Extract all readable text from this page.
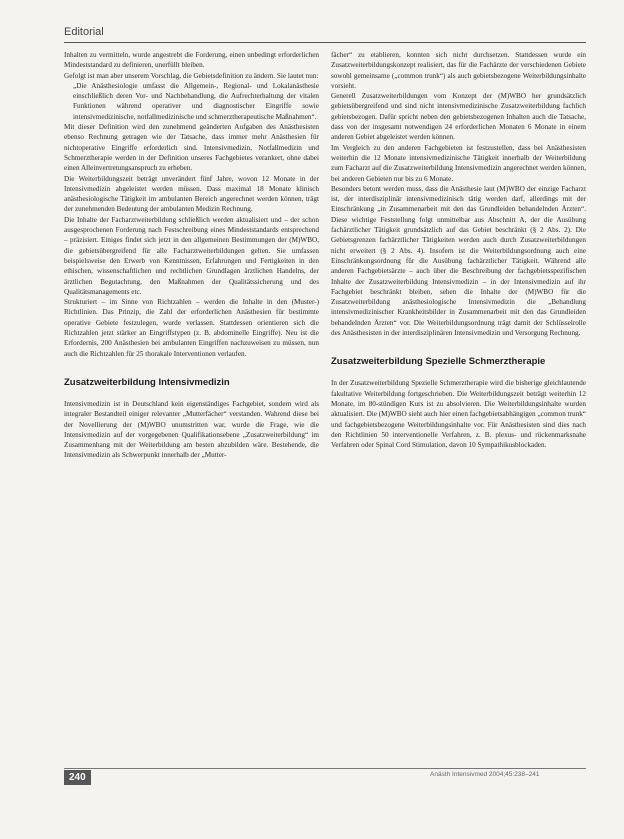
Editorial

Inhalten zu vermitteln, wurde angestrebt die Forderung, einen unbedingt erforderlichen Mindeststandard zu definieren, unerfüllt bleiben.

Gefolgt ist man aber unserem Vorschlag, die Gebietsdefinition zu ändern. Sie lautet nun:

„Die Anästhesiologie umfasst die Allgemein-, Regional- und Lokalanästhesie einschließlich deren Vor- und Nachbehandlung, die Aufrechterhaltung der vitalen Funktionen während operativer und diagnostischer Eingriffe sowie intensivmedizinische, notfallmedizinische und schmerztherapeutische Maßnahmen“.

Mit dieser Definition wird den zunehmend geänderten Aufgaben des Anästhesisten ebenso Rechnung getragen wie der Tatsache, dass immer mehr Anästhesien für nichtoperative Eingriffe erforderlich sind. Intensivmedizin, Notfallmedizin und Schmerztherapie werden in der Definition unseres Fachgebietes verankert, ohne dabei einen Alleinvertretungsanspruch zu erheben.

Die Weiterbildungszeit beträgt unverändert fünf Jahre, wovon 12 Monate in der Intensivmedizin abgeleistet werden müssen. Dass maximal 18 Monate klinisch anästhesiologische Tätigkeit im ambulanten Bereich angerechnet werden können, trägt der zunehmenden Bedeutung der ambulanten Medizin Rechnung.

Die Inhalte der Facharztweiterbildung schließlich werden aktualisiert und – der schon ausgesprochenen Forderung nach Festschreibung eines Mindeststandards entsprechend – präzisiert. Einiges findet sich jetzt in den allgemeinen Bestimmungen der (M)WBO, die gebietsübergreifend für alle Facharztweiterbildungen gelten. Sie umfassen beispielsweise den Erwerb von Kenntnissen, Erfahrungen und Fertigkeiten in den ethischen, wissenschaftlichen und rechtlichen Grundlagen ärztlichen Handelns, der ärztlichen Begutachtung, den Maßnahmen der Qualitätssicherung und des Qualitätsmanagements etc.

Strukturiert – im Sinne von Richtzahlen – werden die Inhalte in den (Muster-) Richtlinien. Das Prinzip, die Zahl der erforderlichen Anästhesien für bestimmte operative Gebiete festzulegen, wurde verlassen. Stattdessen orientieren sich die Richtzahlen jetzt stärker an Eingriffstypen (z. B. abdominelle Eingriffe). Neu ist die Erfordernis, 200 Anästhesien bei ambulanten Eingriffen nachzuweisen zu müssen, nun auch die Richtzahlen für 25 thorakale Interventionen verlaufen.

Zusatzweiterbildung Intensivmedizin

Intensivmedizin ist in Deutschland kein eigenständiges Fachgebiet, sondern wird als integraler Bestandteil einiger relevanter „Mutterfächer“ verstanden. Wahrend diese bei der Novellierung der (M)WBO unumstritten war, wurde die Frage, wie die Intensivmedizin auf der vorgegebenen Qualifikationsebene „Zusatzweiterbildung“ im Zusammenhang mit der Weiterbildung am besten abzubilden wäre. Bestehende, die Intensivmedizin als Schwerpunkt innerhalb der „Mutter-

fächer“ zu etablieren, konnten sich nicht durchsetzen. Stattdessen wurde ein Zusatzweiterbildungskonzept realisiert, das für die Fachärzte der verschiedenen Gebiete sowohl gemeinsame („common trunk“) als auch gebietsbezogene Weiterbildungsinhalte vorsieht.

Generell Zusatzweiterbildungen vom Konzept der (M)WBO her grundsätzlich gebietsübergreifend und sind nicht intensivmedizinische Zusatzweiterbildung fachlich gebietsbezogen. Dafür spricht neben den gebietsbezogenen Inhalten auch die Tatsache, dass von der insgesamt notwendigen 24 erforderlichen Monaten 6 Monate in einem anderen Gebiet abgeleistet werden können.

Im Vergleich zu den anderen Fachgebieten ist festzustellen, dass bei Anästhesisten weiterhin die 12 Monate intensivmedizinische Tätigkeit innerhalb der Weiterbildung zum Facharzt auf die Zusatzweiterbildung Intensivmedizin angerechnet werden können, bei anderen Gebieten nur bis zu 6 Monate.

Besonders betont werden muss, dass die Anästhesie laut (M)WBO der einzige Facharzt ist, der interdisziplinär intensivmedizinisch tätig werden darf, allerdings mit der Einschränkung „in Zusammenarbeit mit den das Grundleiden behandelnden Ärzten“. Diese wichtige Feststellung folgt unmittelbar aus Abschnitt A, der die Ausübung fachärztlicher Tätigkeit grundsätzlich auf das Gebiet beschränkt (§ 2 Abs. 2). Die Gebietsgrenzen fachärztlicher Tätigkeiten werden auch durch Zusatzweiterbildungen nicht erweitert (§ 2 Abs. 4). Insofern ist die Weiterbildungsordnung auch eine Einschränkungsordnung für die Ausübung fachärztlicher Tätigkeit. Während alle anderen Fachgebietsärzte – auch über die Beschreibung der fachgebietsspezifischen Inhalte der Zusatzweiterbildung Intensivmedizin – in der Intensivmedizin auf ihr Fachgebiet beschränkt bleiben, sehen die Inhalte der (M)WBO für die Zusatzweiterbildung anästhesiologische Intensivmedizin die „Behandlung intensivmedizinischer Krankheitsbilder in Zusammenarbeit mit den das Grundleiden behandelnden Ärzten“ vor. Die Weiterbildungsordnung trägt damit der Schlüsselrolle des Anästhesisten in der interdisziplinären Intensivmedizin und Versorgung Rechnung.

Zusatzweiterbildung Spezielle Schmerztherapie

In der Zusatzweiterbildung Spezielle Schmerztherapie wird die bisherige gleichlautende fakultative Weiterbildung fortgeschrieben. Die Weiterbildungszeit beträgt weiterhin 12 Monate, im 80-stündigen Kurs ist zu absolvieren. Die Weiterbildungsinhalte wurden aktualisiert. Die (M)WBO sieht auch hier einen fachgebietsabhängigen „common trunk“ und fachgebietsbezogene Weiterbildungsinhalte vor. Für Anästhesisten sind dies nach den Richtlinien 50 interventionelle Verfahren, z. B. plexus- und rückenmarksnahe Verfahren oder Spinal Cord Stimulation, davon 10 Sympathikusblockaden.

240	Anästh Intensivmed 2004;45:238–241
